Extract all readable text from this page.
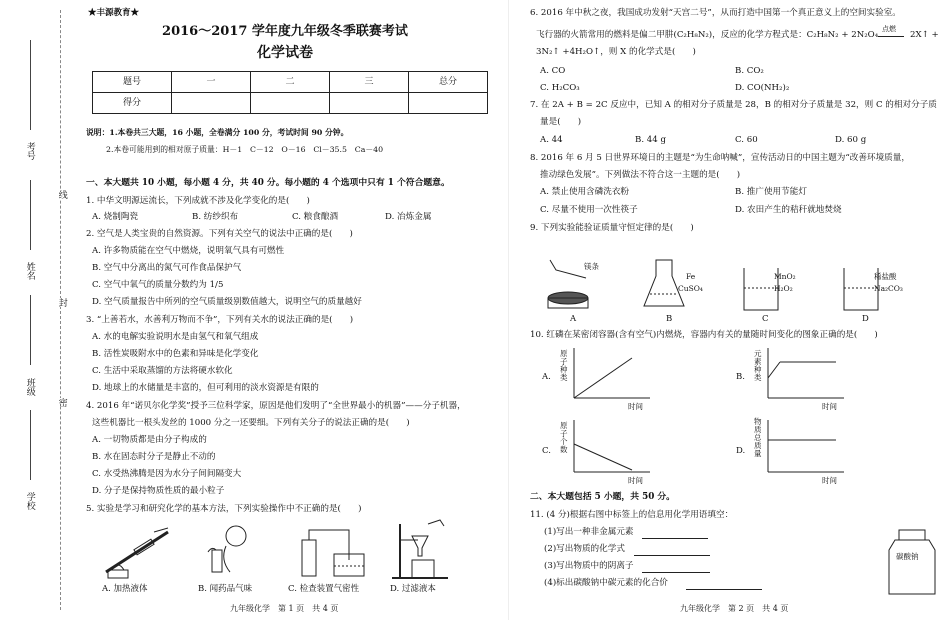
考号
姓名
班级
学校
线
封
密
★丰源教育★
2016～2017 学年度九年级冬季联赛考试
化学试卷
题号	一	二	三	总分
得分				
说明：1.本卷共三大题，16 小题，全卷满分 100 分，考试时间 90 分钟。
2.本卷可能用到的相对原子质量：H－1　C－12　O－16　Cl－35.5　Ca－40
一、本大题共 10 小题，每小题 4 分，共 40 分。每小题的 4 个选项中只有 1 个符合题意。
1. 中华文明源远流长，下列成就不涉及化学变化的是(　　)
A. 烧制陶瓷	B. 纺纱织布	C. 粮食酿酒	D. 冶炼金属
2. 空气是人类宝贵的自然资源。下列有关空气的说法中正确的是(　　)
A. 许多物质能在空气中燃烧，说明氧气具有可燃性
B. 空气中分离出的氮气可作食品保护气
C. 空气中氧气的质量分数约为 1/5
D. 空气质量报告中所列的空气质量级别数值越大，说明空气的质量越好
3. “上善若水，水善利万物而不争”，下列有关水的说法正确的是(　　)
A. 水的电解实验说明水是由氢气和氧气组成
B. 活性炭吸附水中的色素和异味是化学变化
C. 生活中采取蒸馏的方法将硬水软化
D. 地球上的水储量是丰富的，但可利用的淡水资源是有限的
4. 2016 年“诺贝尔化学奖”授予三位科学家，原因是他们发明了“全世界最小的机器”——分子机器，
这些机器比一根头发丝的 1000 分之一还要细。下列有关分子的说法正确的是(　　)
A. 一切物质都是由分子构成的
B. 水在固态时分子是静止不动的
C. 水受热沸腾是因为水分子间间隔变大
D. 分子是保持物质性质的最小粒子
5. 实验是学习和研究化学的基本方法，下列实验操作中不正确的是(　　)
A. 加热液体	B. 闻药品气味	C. 检查装置气密性	D. 过滤液本
九年级化学　第 1 页　共 4 页
6. 2016 年中秋之夜，我国成功发射“天宫二号”，从而打造中国第一个真正意义上的空间实验室。
飞行器的火箭常用的燃料是偏二甲肼(C₂H₈N₂)，反应的化学方程式是：C₂H₈N₂ + 2N₂O₄
点燃
2X↑ +
3N₂↑ +4H₂O↑，则 X 的化学式是(　　)
A. CO	B. CO₂
C. H₂CO₃	D. CO(NH₂)₂
7. 在 2A + B = 2C 反应中，已知 A 的相对分子质量是 28，B 的相对分子质量是 32，则 C 的相对分子质
量是(　　)
A. 44	B. 44 g	C. 60	D. 60 g
8. 2016 年 6 月 5 日世界环境日的主题是“为生命呐喊”，宣传活动日的中国主题为“改善环境质量，
推动绿色发展”。下列做法不符合这一主题的是(　　)
A. 禁止使用含磷洗衣粉	B. 推广使用节能灯
C. 尽量不使用一次性筷子	D. 农田产生的秸秆就地焚烧
9. 下列实验能验证质量守恒定律的是(　　)
镁条
Fe
CuSO₄
MnO₂
H₂O₂
稀盐酸
Na₂CO₃
A	B	C	D
10. 红磷在某密闭容器(含有空气)内燃烧，容器内有关的量随时间变化的图象正确的是(　　)
A.
原子种类
时间
B.
元素种类
时间
C.
原子个数
时间
D.
物质总质量
时间
二、本大题包括 5 小题，共 50 分。
11. (4 分)根据右图中标签上的信息用化学用语填空：
(1)写出一种非金属元素
(2)写出物质的化学式
(3)写出物质中的阴离子
(4)标出碳酸钠中碳元素的化合价
碳酸钠
九年级化学　第 2 页　共 4 页
